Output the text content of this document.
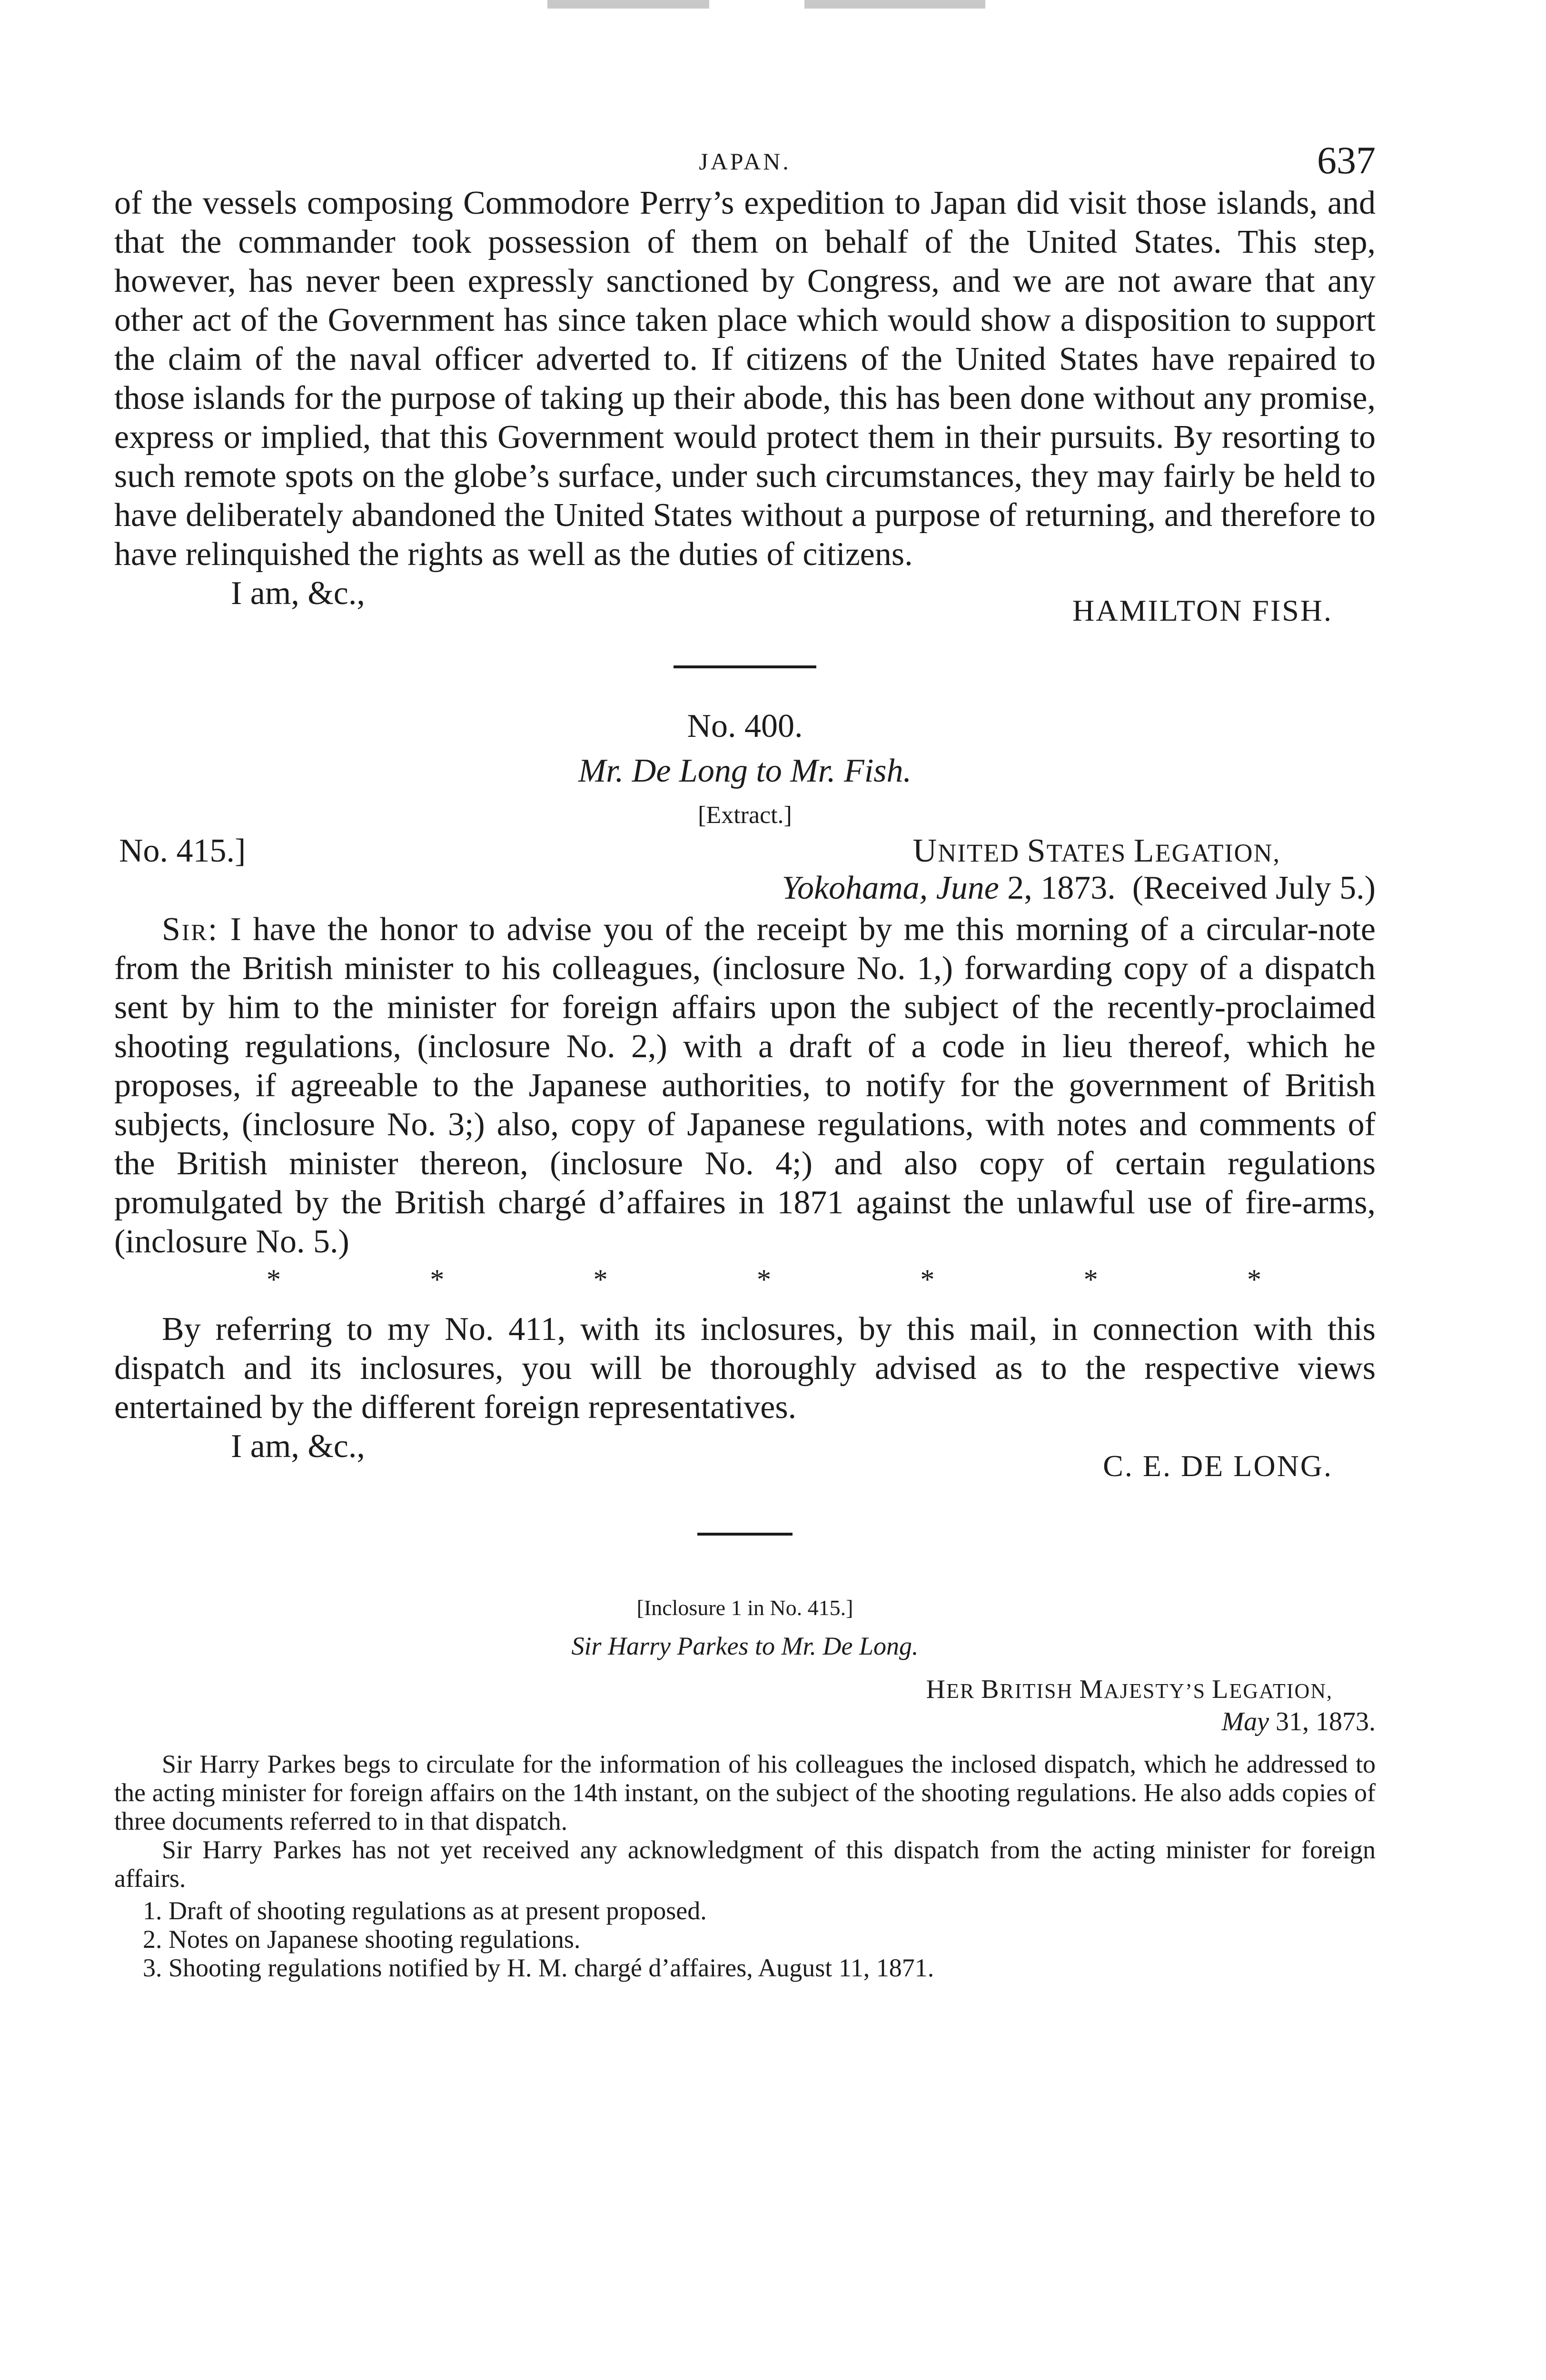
JAPAN.	637

of the vessels composing Commodore Perry’s expedition to Japan did visit those islands, and that the commander took possession of them on behalf of the United States. This step, however, has never been expressly sanctioned by Congress, and we are not aware that any other act of the Government has since taken place which would show a disposition to support the claim of the naval officer adverted to. If citizens of the United States have repaired to those islands for the purpose of taking up their abode, this has been done without any promise, express or implied, that this Government would protect them in their pursuits. By resorting to such remote spots on the globe’s surface, under such circumstances, they may fairly be held to have deliberately abandoned the United States without a purpose of returning, and therefore to have relinquished the rights as well as the duties of citizens.

I am, &c.,	HAMILTON FISH.

No. 400.

Mr. De Long to Mr. Fish.

[Extract.]

No. 415.]	UNITED STATES LEGATION,
Yokohama, June 2, 1873. (Received July 5.)

Sir: I have the honor to advise you of the receipt by me this morning of a circular-note from the British minister to his colleagues, (inclosure No. 1,) forwarding copy of a dispatch sent by him to the minister for foreign affairs upon the subject of the recently-proclaimed shooting regulations, (inclosure No. 2,) with a draft of a code in lieu thereof, which he proposes, if agreeable to the Japanese authorities, to notify for the government of British subjects, (inclosure No. 3;) also, copy of Japanese regulations, with notes and comments of the British minister thereon, (inclosure No. 4;) and also copy of certain regulations promulgated by the British chargé d’affaires in 1871 against the unlawful use of fire-arms, (inclosure No. 5.)

*	*	*	*	*	*	*

By referring to my No. 411, with its inclosures, by this mail, in connection with this dispatch and its inclosures, you will be thoroughly advised as to the respective views entertained by the different foreign representatives.

I am, &c.,

C. E. DE LONG.

[Inclosure 1 in No. 415.]

Sir Harry Parkes to Mr. De Long.

HER BRITISH MAJESTY’S LEGATION,

May 31, 1873.

Sir Harry Parkes begs to circulate for the information of his colleagues the inclosed dispatch, which he addressed to the acting minister for foreign affairs on the 14th instant, on the subject of the shooting regulations. He also adds copies of three documents referred to in that dispatch.

Sir Harry Parkes has not yet received any acknowledgment of this dispatch from the acting minister for foreign affairs.

1. Draft of shooting regulations as at present proposed.
2. Notes on Japanese shooting regulations.
3. Shooting regulations notified by H. M. chargé d’affaires, August 11, 1871.
